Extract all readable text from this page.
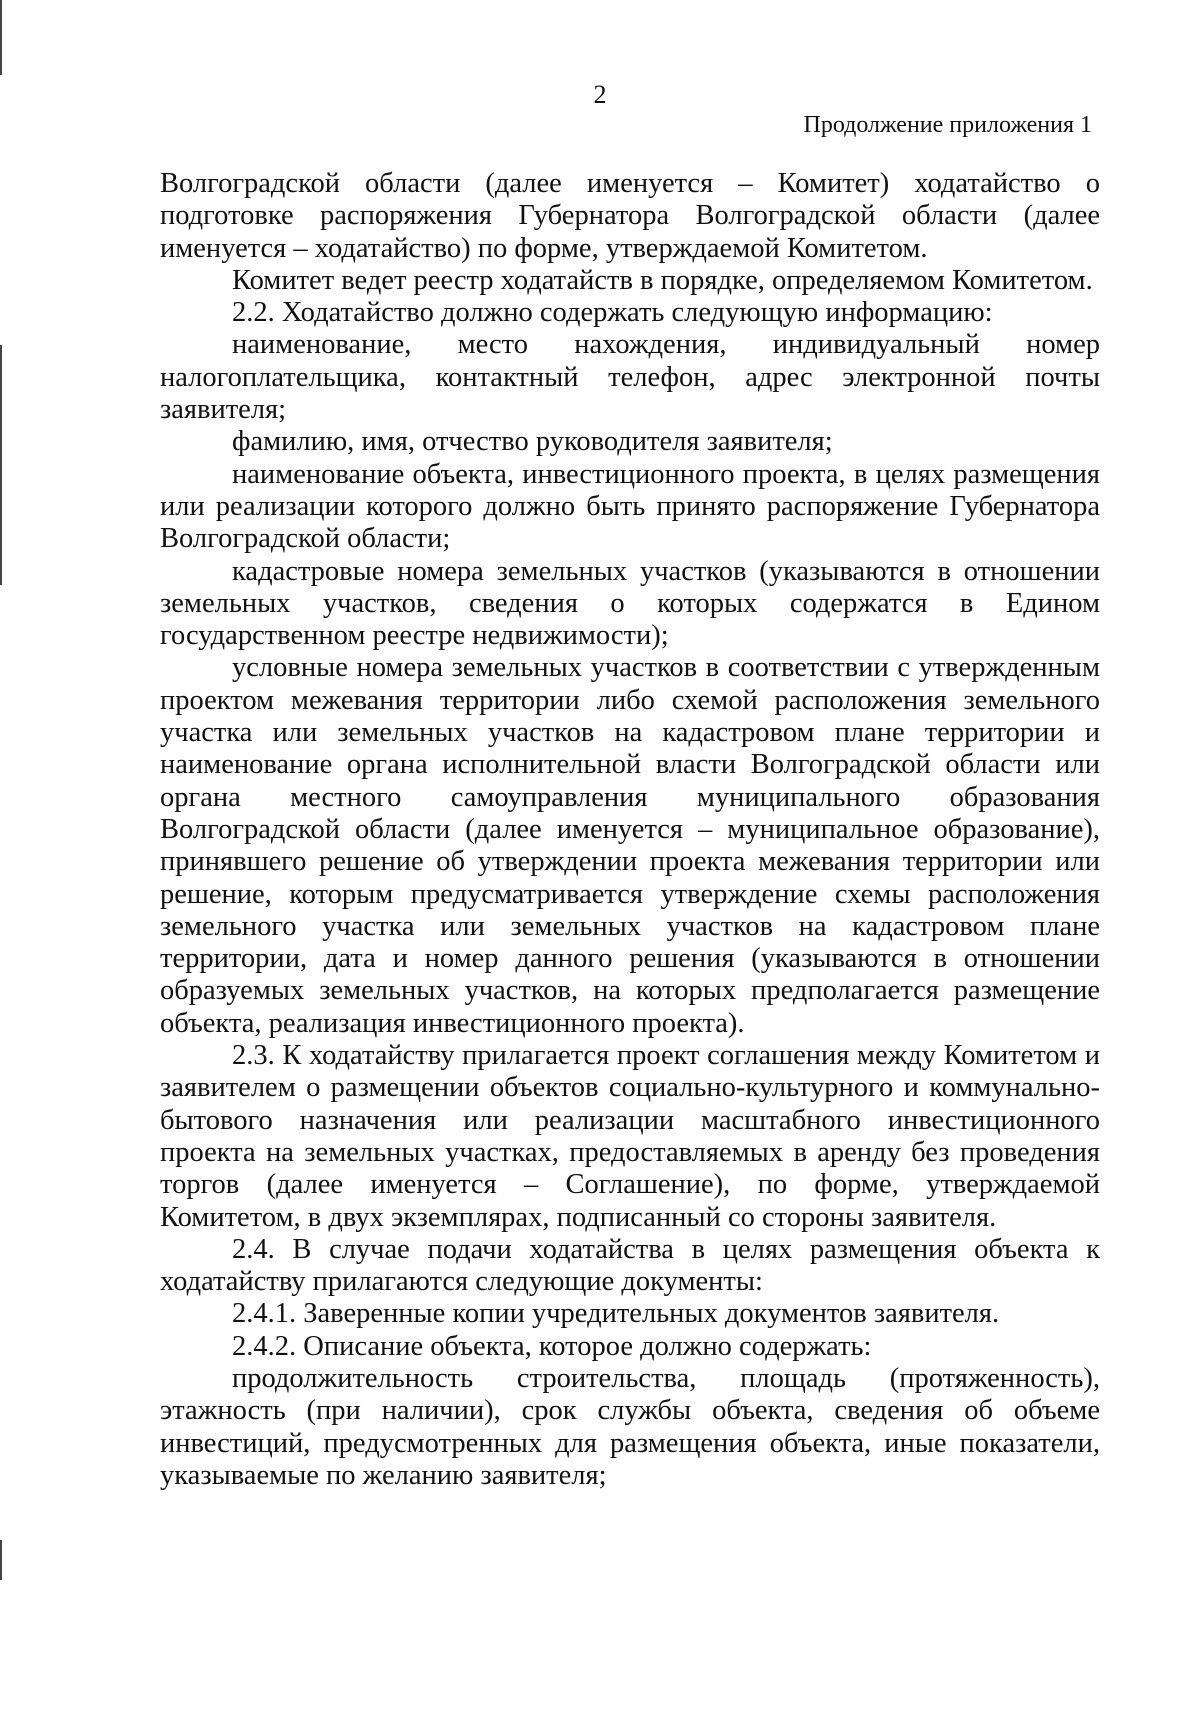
2
Продолжение приложения 1

Волгоградской области (далее именуется – Комитет) ходатайство о подготовке распоряжения Губернатора Волгоградской области (далее именуется – ходатайство) по форме, утверждаемой Комитетом.

Комитет ведет реестр ходатайств в порядке, определяемом Комитетом.

2.2. Ходатайство должно содержать следующую информацию:

наименование, место нахождения, индивидуальный номер налогоплательщика, контактный телефон, адрес электронной почты заявителя;

фамилию, имя, отчество руководителя заявителя;

наименование объекта, инвестиционного проекта, в целях размещения или реализации которого должно быть принято распоряжение Губернатора Волгоградской области;

кадастровые номера земельных участков (указываются в отношении земельных участков, сведения о которых содержатся в Едином государственном реестре недвижимости);

условные номера земельных участков в соответствии с утвержденным проектом межевания территории либо схемой расположения земельного участка или земельных участков на кадастровом плане территории и наименование органа исполнительной власти Волгоградской области или органа местного самоуправления муниципального образования Волгоградской области (далее именуется – муниципальное образование), принявшего решение об утверждении проекта межевания территории или решение, которым предусматривается утверждение схемы расположения земельного участка или земельных участков на кадастровом плане территории, дата и номер данного решения (указываются в отношении образуемых земельных участков, на которых предполагается размещение объекта, реализация инвестиционного проекта).

2.3. К ходатайству прилагается проект соглашения между Комитетом и заявителем о размещении объектов социально-культурного и коммунально-бытового назначения или реализации масштабного инвестиционного проекта на земельных участках, предоставляемых в аренду без проведения торгов (далее именуется – Соглашение), по форме, утверждаемой Комитетом, в двух экземплярах, подписанный со стороны заявителя.

2.4. В случае подачи ходатайства в целях размещения объекта к ходатайству прилагаются следующие документы:

2.4.1. Заверенные копии учредительных документов заявителя.

2.4.2. Описание объекта, которое должно содержать:

продолжительность строительства, площадь (протяженность), этажность (при наличии), срок службы объекта, сведения об объеме инвестиций, предусмотренных для размещения объекта, иные показатели, указываемые по желанию заявителя;
